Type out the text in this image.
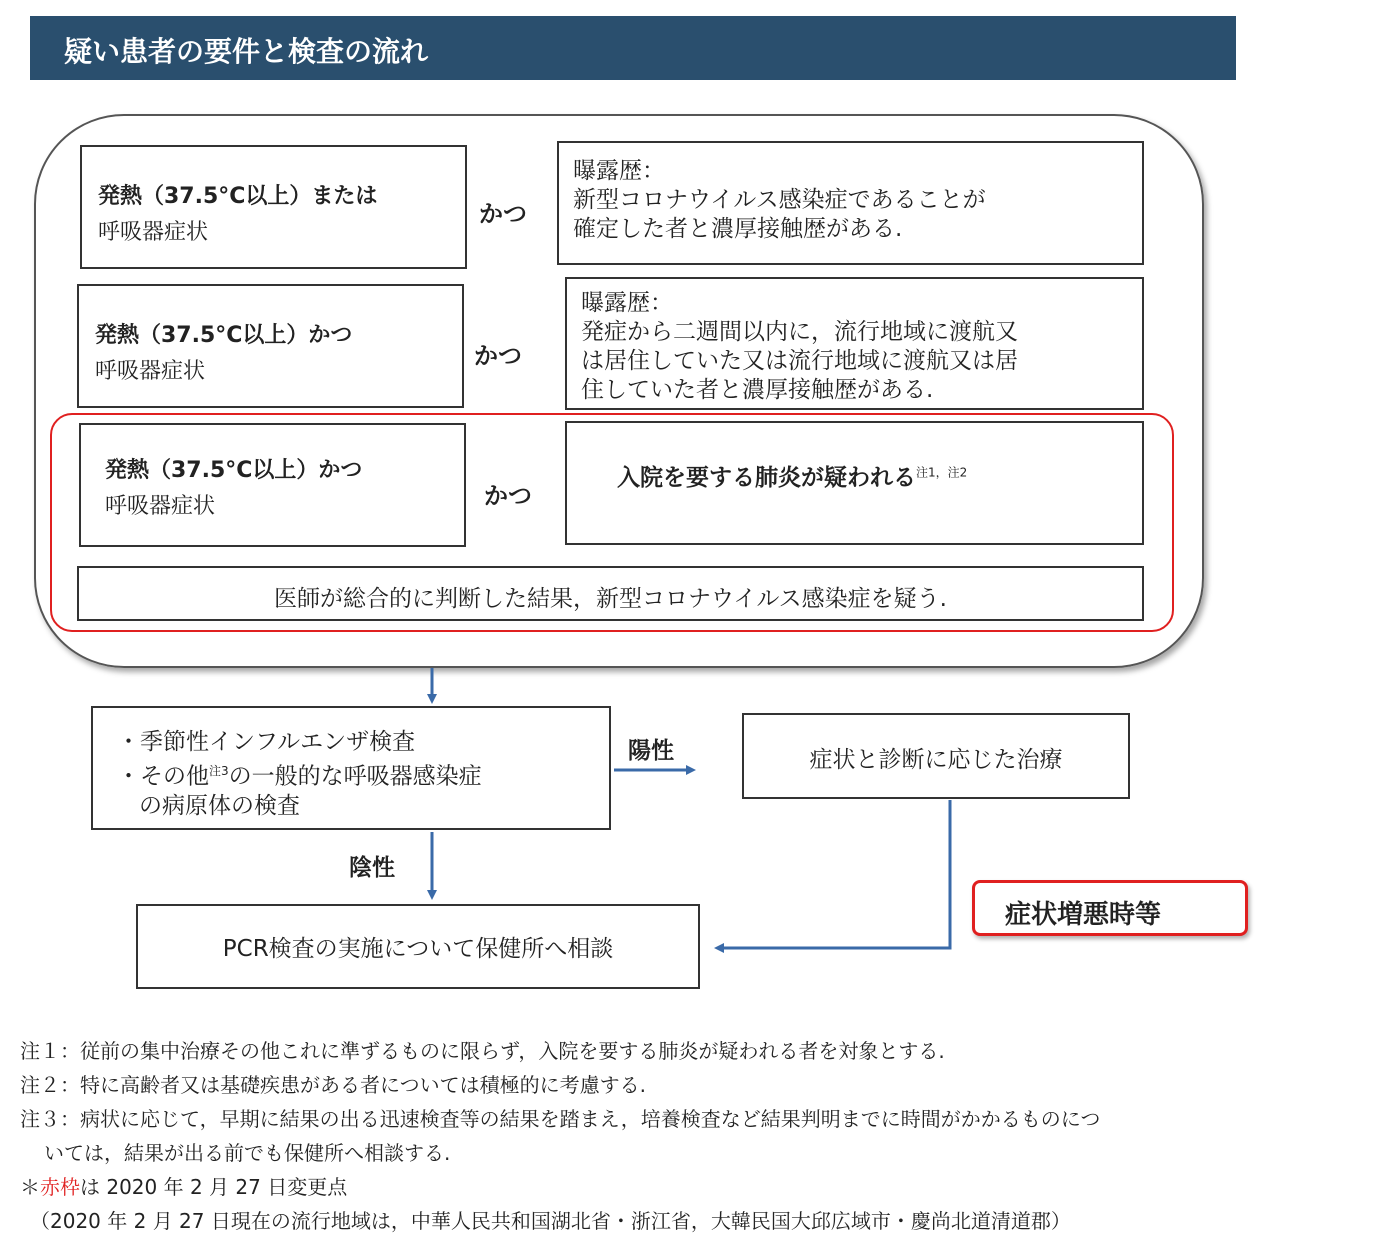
疑い患者の要件と検査の流れ
発熱（37.5°C以上）または
呼吸器症状
かつ
曝露歴：
新型コロナウイルス感染症であることが
確定した者と濃厚接触歴がある.
発熱（37.5°C以上）かつ
呼吸器症状
かつ
曝露歴：
発症から二週間以内に，流行地域に渡航又
は居住していた又は流行地域に渡航又は居
住していた者と濃厚接触歴がある.
発熱（37.5°C以上）かつ
呼吸器症状	かつ
入院を要する肺炎が疑われる$^{注1,注2}$
医師が総合的に判断した結果，新型コロナウイルス感染症を疑う.
・季節性インフルエンザ検査
・その他$^{注3}$の一般的な呼吸器感染症
の病原体の検査
陽性	症状と診断に応じた治療
陰性
PCR検査の実施について保健所へ相談
症状増悪時等
注１：従前の集中治療その他これに準ずるものに限らず，入院を要する肺炎が疑われる者を対象とする.
注２：特に高齢者又は基礎疾患がある者については積極的に考慮する.
注３：病状に応じて，早期に結果の出る迅速検査等の結果を踏まえ，培養検査など結果判明までに時間がかかるものにつ
いては，結果が出る前でも保健所へ相談する.
＊赤枠は 2020 年 2 月 27 日変更点
（2020 年 2 月 27 日現在の流行地域は，中華人民共和国湖北省・浙江省，大韓民国大邱広域市・慶尚北道清道郡）
